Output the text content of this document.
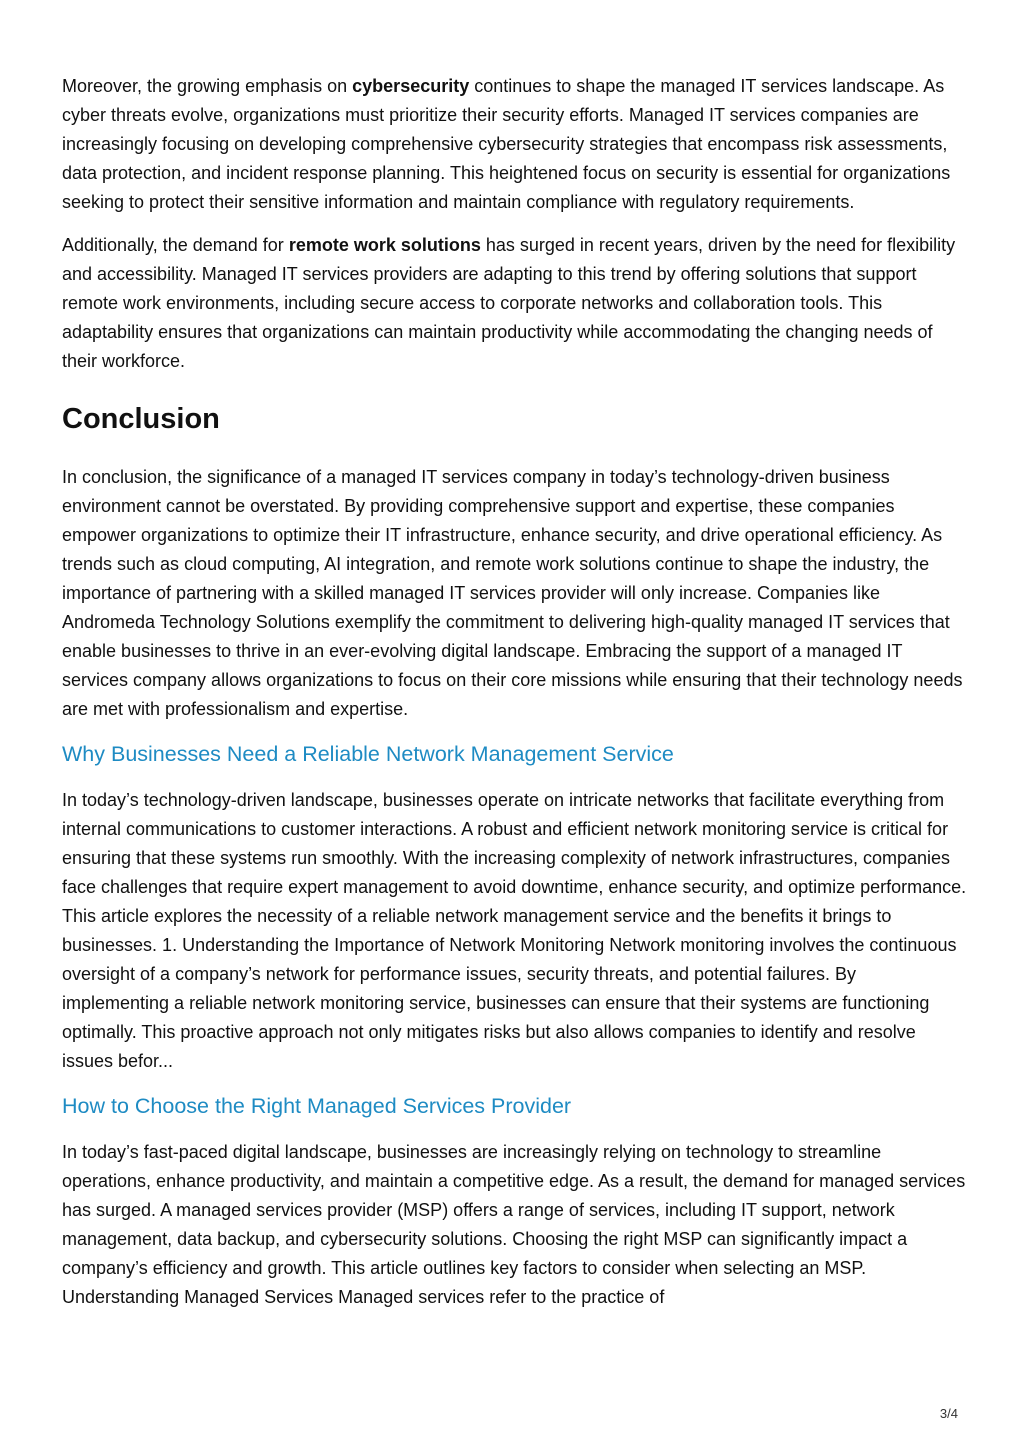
Moreover, the growing emphasis on cybersecurity continues to shape the managed IT services landscape. As cyber threats evolve, organizations must prioritize their security efforts. Managed IT services companies are increasingly focusing on developing comprehensive cybersecurity strategies that encompass risk assessments, data protection, and incident response planning. This heightened focus on security is essential for organizations seeking to protect their sensitive information and maintain compliance with regulatory requirements.

Additionally, the demand for remote work solutions has surged in recent years, driven by the need for flexibility and accessibility. Managed IT services providers are adapting to this trend by offering solutions that support remote work environments, including secure access to corporate networks and collaboration tools. This adaptability ensures that organizations can maintain productivity while accommodating the changing needs of their workforce.

Conclusion

In conclusion, the significance of a managed IT services company in today’s technology-driven business environment cannot be overstated. By providing comprehensive support and expertise, these companies empower organizations to optimize their IT infrastructure, enhance security, and drive operational efficiency. As trends such as cloud computing, AI integration, and remote work solutions continue to shape the industry, the importance of partnering with a skilled managed IT services provider will only increase. Companies like Andromeda Technology Solutions exemplify the commitment to delivering high-quality managed IT services that enable businesses to thrive in an ever-evolving digital landscape. Embracing the support of a managed IT services company allows organizations to focus on their core missions while ensuring that their technology needs are met with professionalism and expertise.

Why Businesses Need a Reliable Network Management Service

In today’s technology-driven landscape, businesses operate on intricate networks that facilitate everything from internal communications to customer interactions. A robust and efficient network monitoring service is critical for ensuring that these systems run smoothly. With the increasing complexity of network infrastructures, companies face challenges that require expert management to avoid downtime, enhance security, and optimize performance. This article explores the necessity of a reliable network management service and the benefits it brings to businesses. 1. Understanding the Importance of Network Monitoring Network monitoring involves the continuous oversight of a company’s network for performance issues, security threats, and potential failures. By implementing a reliable network monitoring service, businesses can ensure that their systems are functioning optimally. This proactive approach not only mitigates risks but also allows companies to identify and resolve issues befor...

How to Choose the Right Managed Services Provider

In today’s fast-paced digital landscape, businesses are increasingly relying on technology to streamline operations, enhance productivity, and maintain a competitive edge. As a result, the demand for managed services has surged. A managed services provider (MSP) offers a range of services, including IT support, network management, data backup, and cybersecurity solutions. Choosing the right MSP can significantly impact a company’s efficiency and growth. This article outlines key factors to consider when selecting an MSP.   Understanding Managed Services Managed services refer to the practice of

3/4
